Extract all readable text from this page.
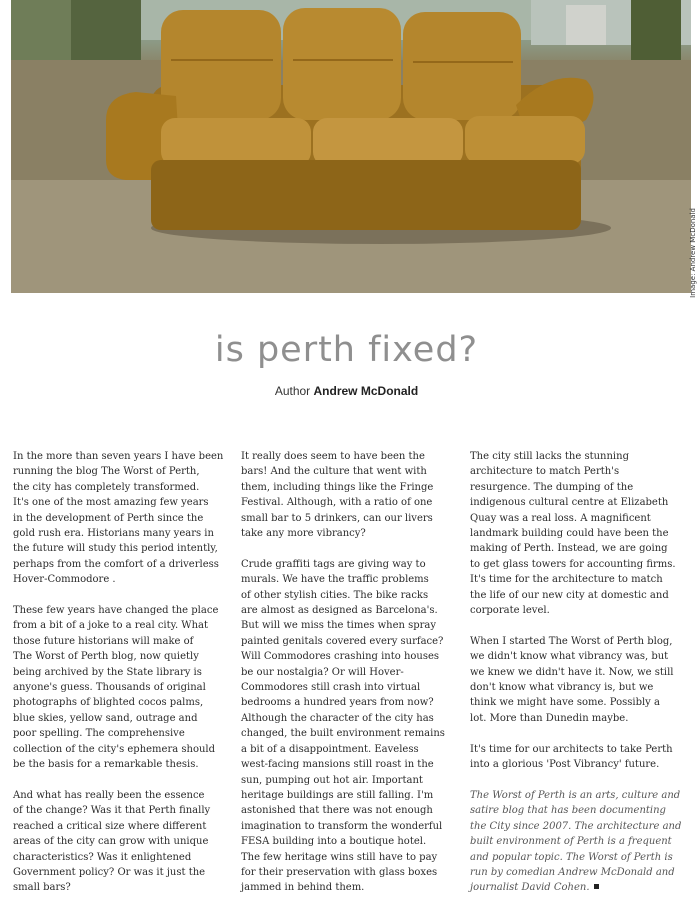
Image: Andrew McDonald
is perth fixed?
Author Andrew McDonald

In the more than seven years I have been
running the blog The Worst of Perth,
the city has completely transformed.
It's one of the most amazing few years
in the development of Perth since the
gold rush era. Historians many years in
the future will study this period intently,
perhaps from the comfort of a driverless
Hover-Commodore .

These few years have changed the place
from a bit of a joke to a real city. What
those future historians will make of
The Worst of Perth blog, now quietly
being archived by the State library is
anyone's guess. Thousands of original
photographs of blighted cocos palms,
blue skies, yellow sand, outrage and
poor spelling. The comprehensive
collection of the city's ephemera should
be the basis for a remarkable thesis.

And what has really been the essence
of the change? Was it that Perth finally
reached a critical size where different
areas of the city can grow with unique
characteristics? Was it enlightened
Government policy? Or was it just the
small bars?

It really does seem to have been the
bars! And the culture that went with
them, including things like the Fringe
Festival. Although, with a ratio of one
small bar to 5 drinkers, can our livers
take any more vibrancy?

Crude graffiti tags are giving way to
murals. We have the traffic problems
of other stylish cities. The bike racks
are almost as designed as Barcelona's.
But will we miss the times when spray
painted genitals covered every surface?
Will Commodores crashing into houses
be our nostalgia? Or will Hover-
Commodores still crash into virtual
bedrooms a hundred years from now?
Although the character of the city has
changed, the built environment remains
a bit of a disappointment. Eaveless
west-facing mansions still roast in the
sun, pumping out hot air. Important
heritage buildings are still falling. I'm
astonished that there was not enough
imagination to transform the wonderful
FESA building into a boutique hotel.
The few heritage wins still have to pay
for their preservation with glass boxes
jammed in behind them.

The city still lacks the stunning
architecture to match Perth's
resurgence. The dumping of the
indigenous cultural centre at Elizabeth
Quay was a real loss. A magnificent
landmark building could have been the
making of Perth. Instead, we are going
to get glass towers for accounting firms.
It's time for the architecture to match
the life of our new city at domestic and
corporate level.

When I started The Worst of Perth blog,
we didn't know what vibrancy was, but
we knew we didn't have it. Now, we still
don't know what vibrancy is, but we
think we might have some. Possibly a
lot. More than Dunedin maybe.

It's time for our architects to take Perth
into a glorious 'Post Vibrancy' future.

The Worst of Perth is an arts, culture and
satire blog that has been documenting
the City since 2007. The architecture and
built environment of Perth is a frequent
and popular topic. The Worst of Perth is
run by comedian Andrew McDonald and
journalist David Cohen.
